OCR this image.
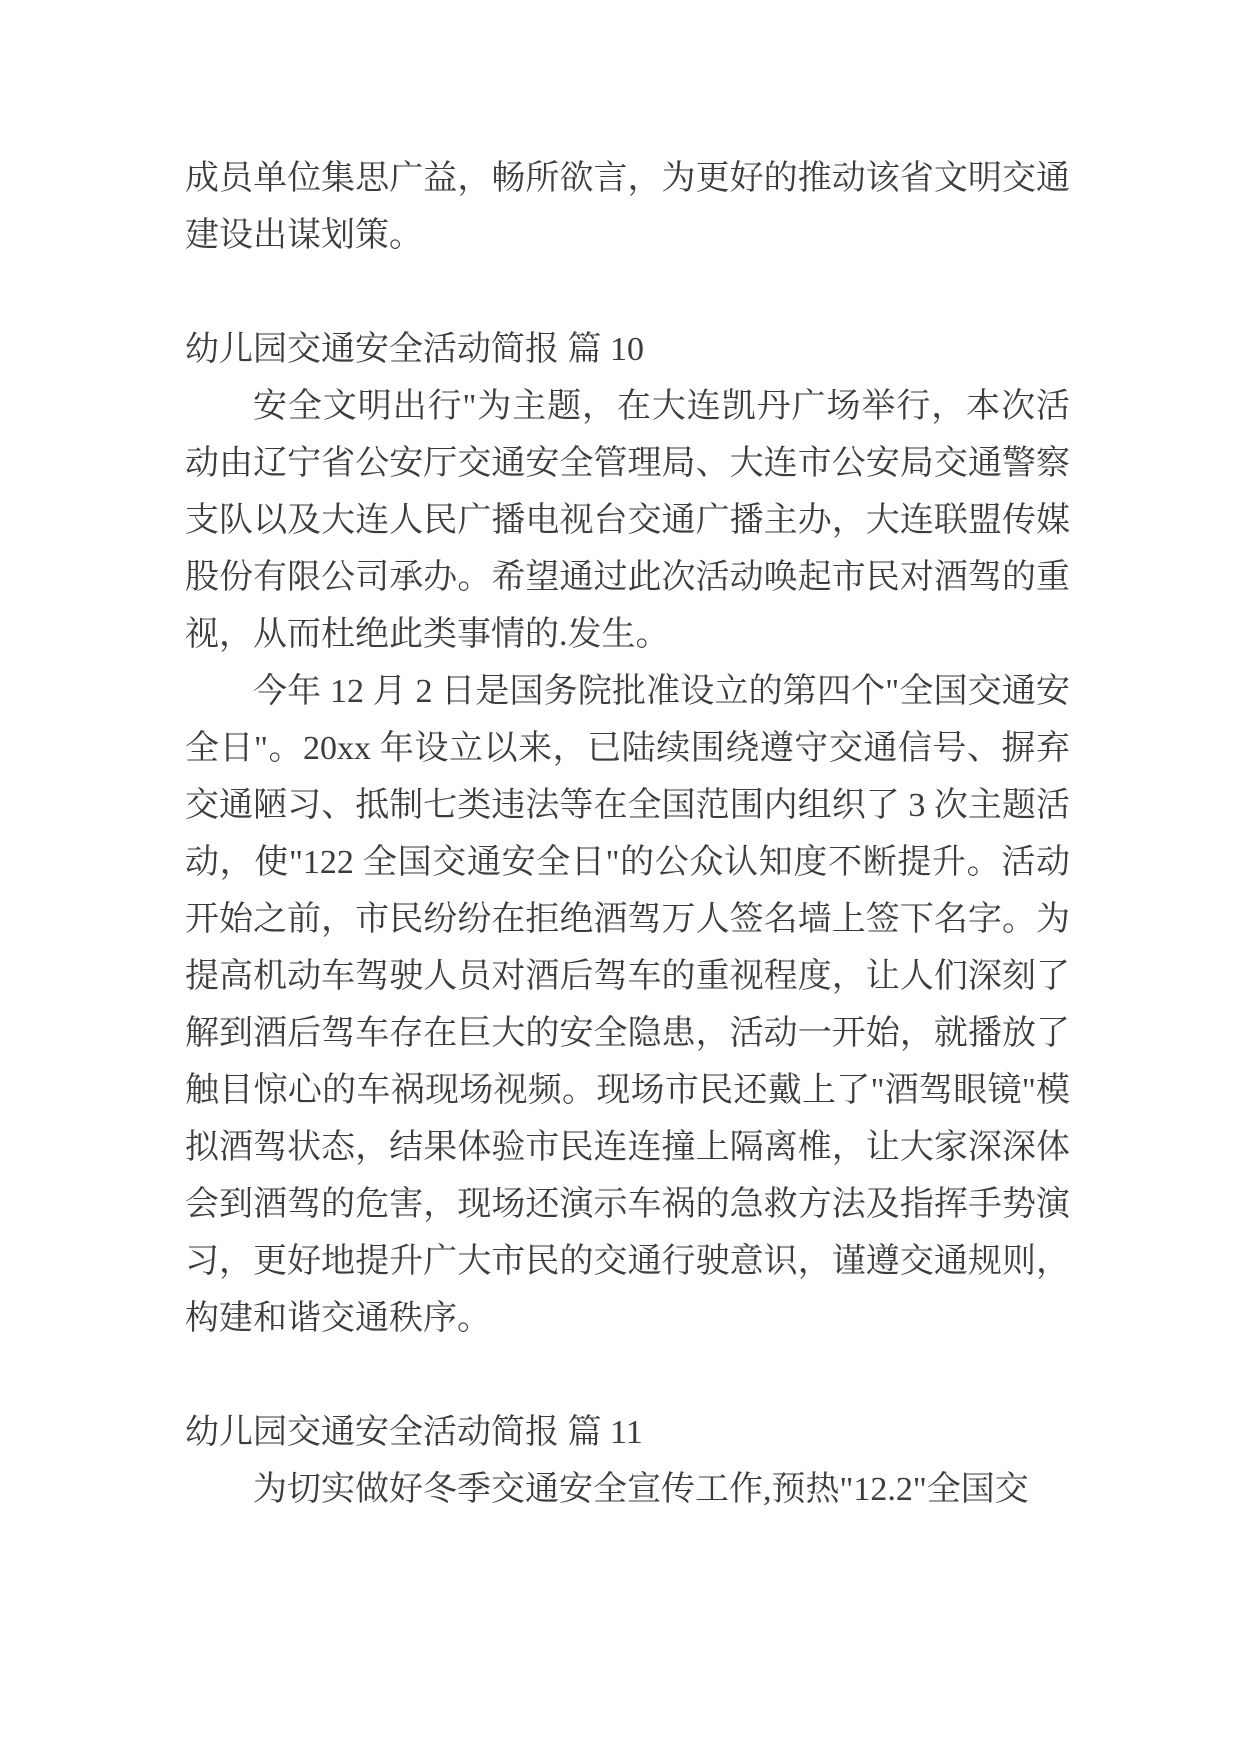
成员单位集思广益，畅所欲言，为更好的推动该省文明交通建设出谋划策。
幼儿园交通安全活动简报 篇 10
安全文明出行"为主题，在大连凯丹广场举行，本次活动由辽宁省公安厅交通安全管理局、大连市公安局交通警察支队以及大连人民广播电视台交通广播主办，大连联盟传媒股份有限公司承办。希望通过此次活动唤起市民对酒驾的重视，从而杜绝此类事情的.发生。
今年 12 月 2 日是国务院批准设立的第四个"全国交通安全日"。20xx 年设立以来，已陆续围绕遵守交通信号、摒弃交通陋习、抵制七类违法等在全国范围内组织了 3 次主题活动，使"122 全国交通安全日"的公众认知度不断提升。活动开始之前，市民纷纷在拒绝酒驾万人签名墙上签下名字。为提高机动车驾驶人员对酒后驾车的重视程度，让人们深刻了解到酒后驾车存在巨大的安全隐患，活动一开始，就播放了触目惊心的车祸现场视频。现场市民还戴上了"酒驾眼镜"模拟酒驾状态，结果体验市民连连撞上隔离椎，让大家深深体会到酒驾的危害，现场还演示车祸的急救方法及指挥手势演习，更好地提升广大市民的交通行驶意识，谨遵交通规则，构建和谐交通秩序。
幼儿园交通安全活动简报 篇 11
为切实做好冬季交通安全宣传工作,预热"12.2"全国交
